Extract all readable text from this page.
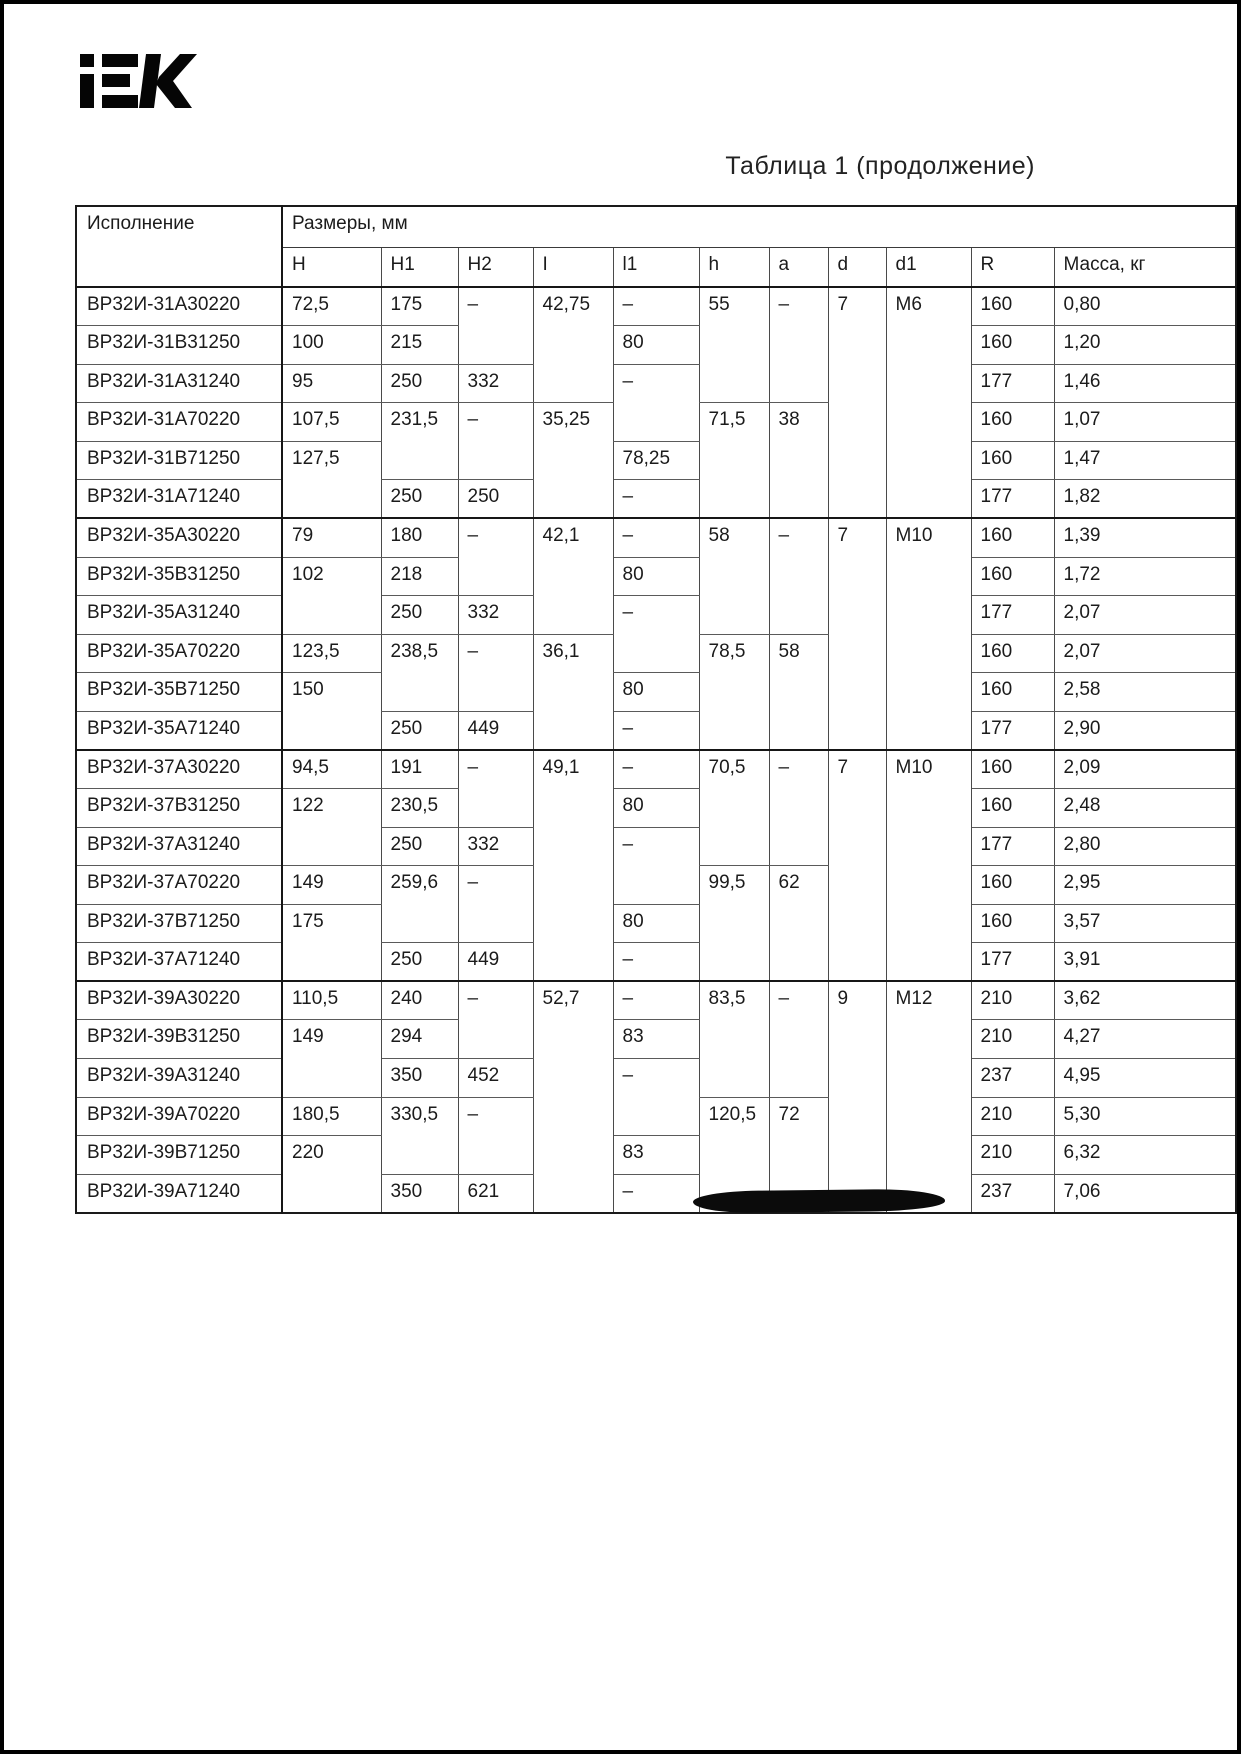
Таблица 1 (продолжение)
Исполнение	Размеры, мм										
	H	H1	H2	I	l1	h	a	d	d1	R	Масса, кг
ВР32И-31А30220	72,5	175	–	42,75	–	55	–	7	М6	160	0,80
ВР32И-31В31250	100	215			80					160	1,20
ВР32И-31А31240	95	250	332		–					177	1,46
ВР32И-31А70220	107,5	231,5	–	35,25		71,5	38			160	1,07
ВР32И-31В71250	127,5				78,25					160	1,47
ВР32И-31А71240		250	250		–					177	1,82
ВР32И-35А30220	79	180	–	42,1	–	58	–	7	М10	160	1,39
ВР32И-35В31250	102	218			80					160	1,72
ВР32И-35А31240		250	332		–					177	2,07
ВР32И-35А70220	123,5	238,5	–	36,1		78,5	58			160	2,07
ВР32И-35В71250	150				80					160	2,58
ВР32И-35А71240		250	449		–					177	2,90
ВР32И-37А30220	94,5	191	–	49,1	–	70,5	–	7	М10	160	2,09
ВР32И-37В31250	122	230,5			80					160	2,48
ВР32И-37А31240		250	332		–					177	2,80
ВР32И-37А70220	149	259,6	–			99,5	62			160	2,95
ВР32И-37В71250	175				80					160	3,57
ВР32И-37А71240		250	449		–					177	3,91
ВР32И-39А30220	110,5	240	–	52,7	–	83,5	–	9	М12	210	3,62
ВР32И-39В31250	149	294			83					210	4,27
ВР32И-39А31240		350	452		–					237	4,95
ВР32И-39А70220	180,5	330,5	–			120,5	72			210	5,30
ВР32И-39В71250	220				83					210	6,32
ВР32И-39А71240		350	621		–					237	7,06
